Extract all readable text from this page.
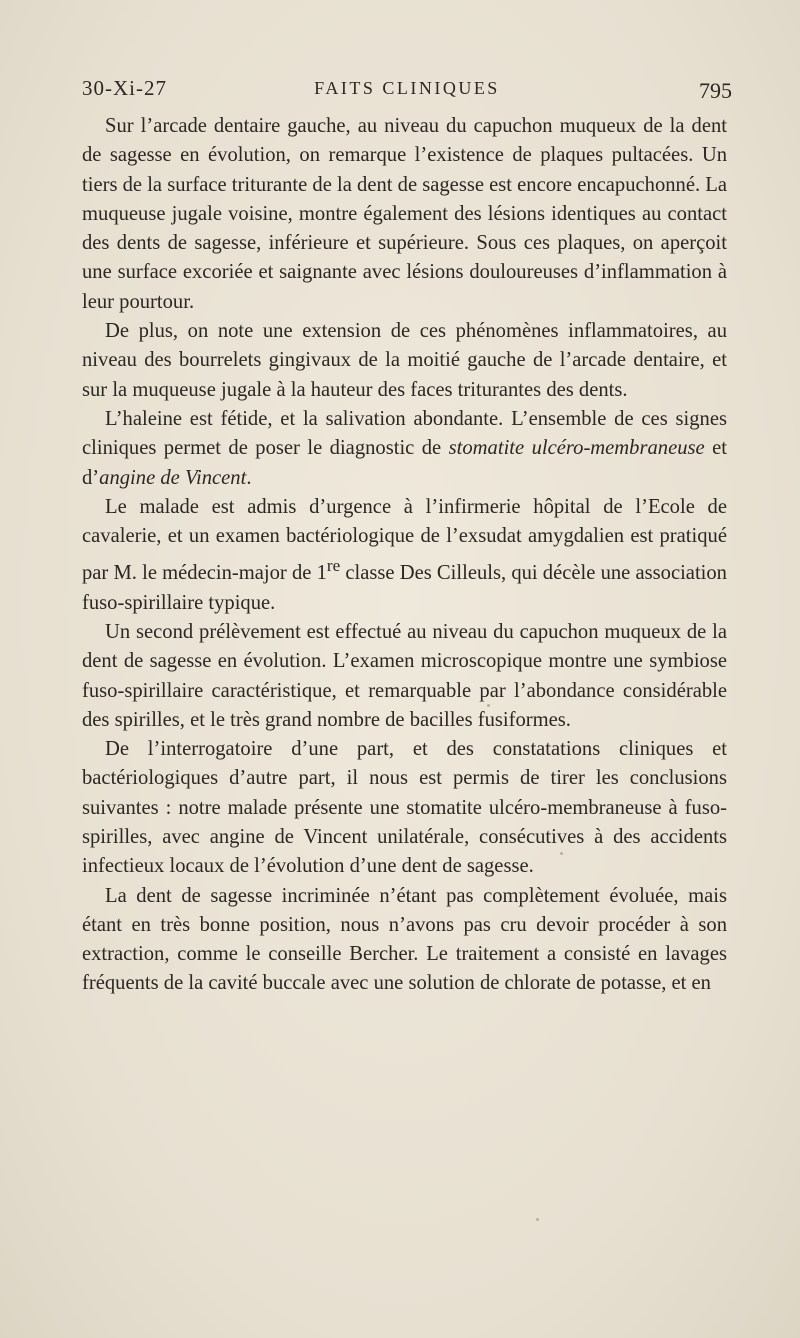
30-Xi-27	FAITS CLINIQUES	795

Sur l’arcade dentaire gauche, au niveau du capuchon muqueux de la dent de sagesse en évolution, on remarque l’existence de plaques pultacées. Un tiers de la surface triturante de la dent de sagesse est encore encapuchonné. La muqueuse jugale voisine, montre également des lésions identiques au contact des dents de sagesse, inférieure et supérieure. Sous ces plaques, on aperçoit une surface excoriée et saignante avec lésions douloureuses d’inflammation à leur pourtour.

De plus, on note une extension de ces phénomènes inflammatoires, au niveau des bourrelets gingivaux de la moitié gauche de l’arcade dentaire, et sur la muqueuse jugale à la hauteur des faces triturantes des dents.

L’haleine est fétide, et la salivation abondante. L’ensemble de ces signes cliniques permet de poser le diagnostic de stomatite ulcéro-membraneuse et d’angine de Vincent.

Le malade est admis d’urgence à l’infirmerie hôpital de l’Ecole de cavalerie, et un examen bactériologique de l’exsudat amygdalien est pratiqué par M. le médecin-major de 1re classe Des Cilleuls, qui décèle une association fuso-spirillaire typique.

Un second prélèvement est effectué au niveau du capuchon muqueux de la dent de sagesse en évolution. L’examen microscopique montre une symbiose fuso-spirillaire caractéristique, et remarquable par l’abondance considérable des spirilles, et le très grand nombre de bacilles fusiformes.

De l’interrogatoire d’une part, et des constatations cliniques et bactériologiques d’autre part, il nous est permis de tirer les conclusions suivantes : notre malade présente une stomatite ulcéro-membraneuse à fuso-spirilles, avec angine de Vincent unilatérale, consécutives à des accidents infectieux locaux de l’évolution d’une dent de sagesse.

La dent de sagesse incriminée n’étant pas complètement évoluée, mais étant en très bonne position, nous n’avons pas cru devoir procéder à son extraction, comme le conseille Bercher. Le traitement a consisté en lavages fréquents de la cavité buccale avec une solution de chlorate de potasse, et en
